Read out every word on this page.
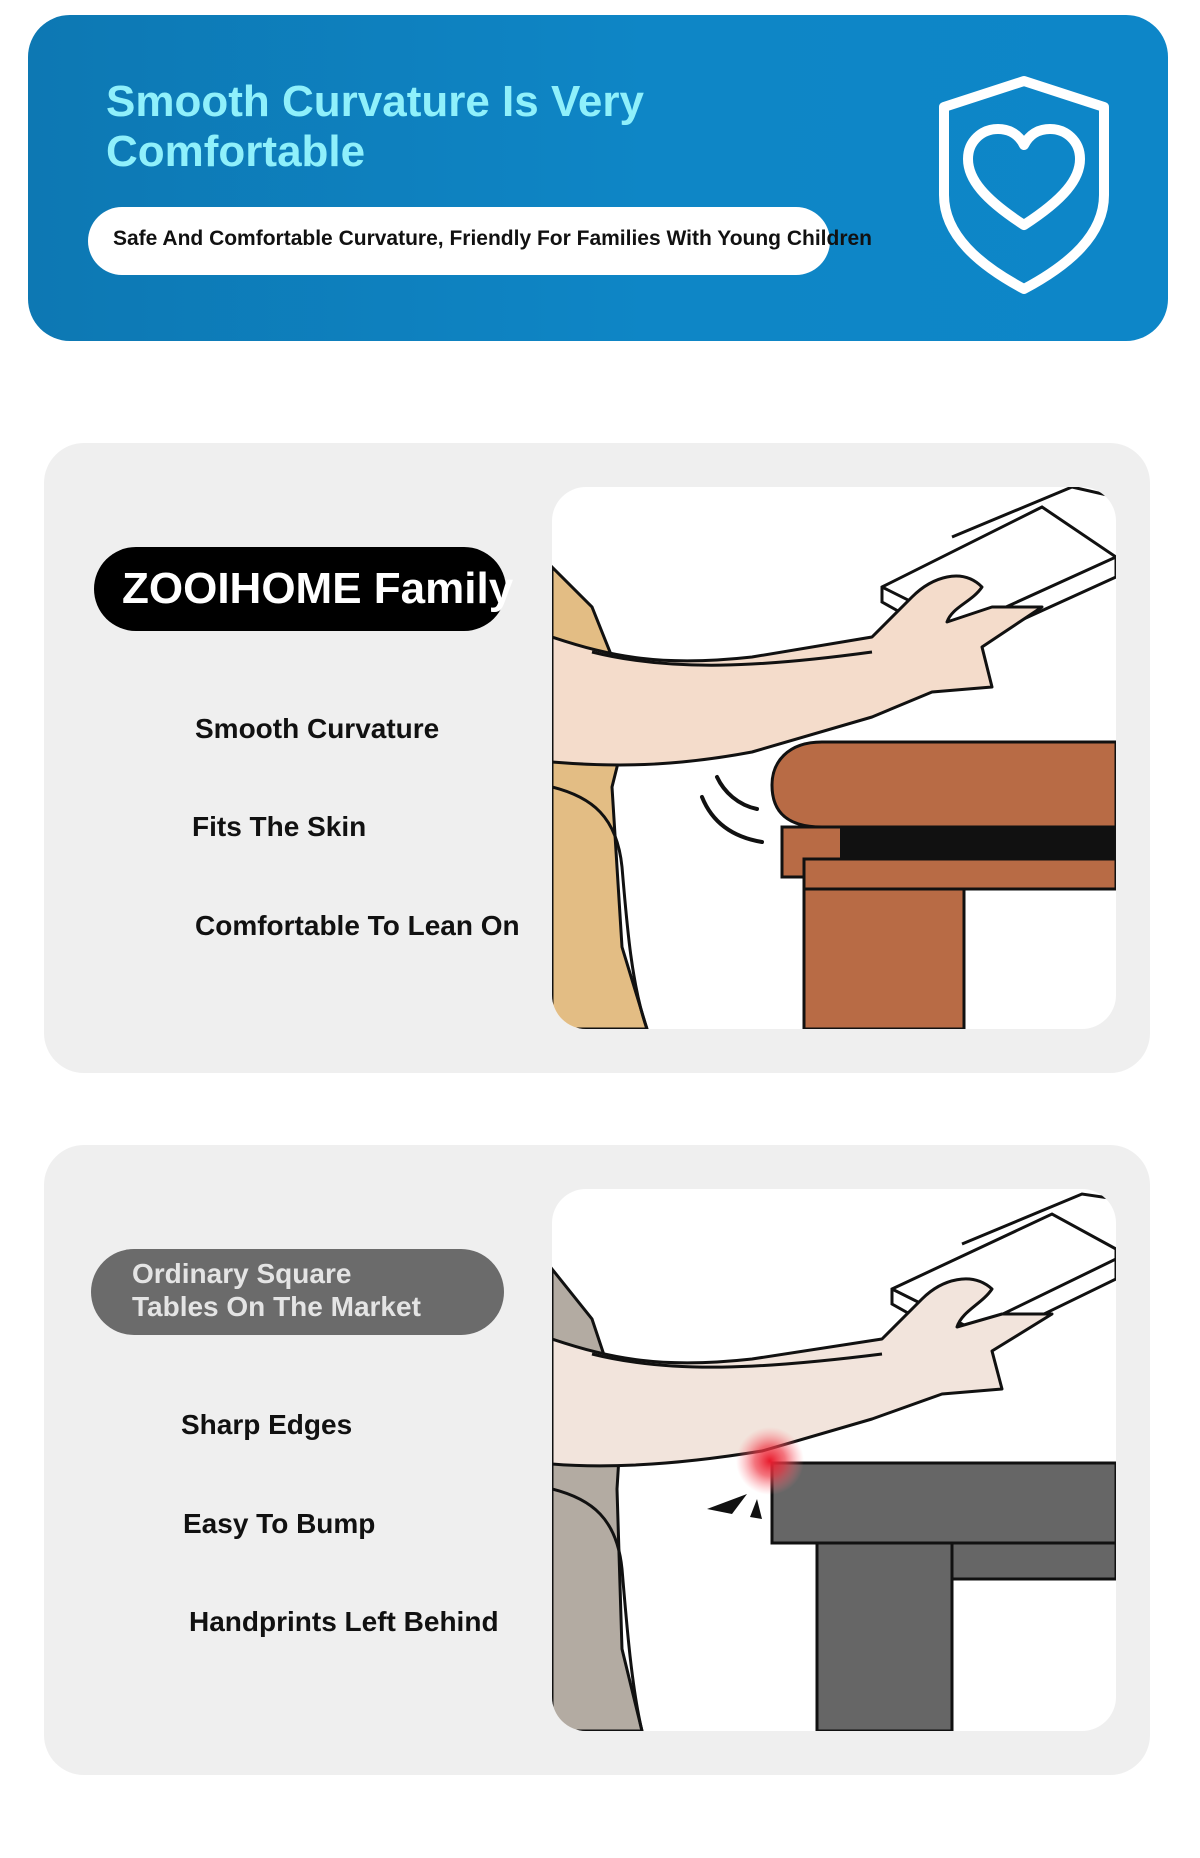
Smooth Curvature Is Very Comfortable
Safe And Comfortable Curvature, Friendly For Families With Young Children
ZOOIHOME Family
Smooth Curvature
Fits The Skin
Comfortable To Lean On
Ordinary Square
Tables On The Market
Sharp Edges
Easy To Bump
Handprints Left Behind
